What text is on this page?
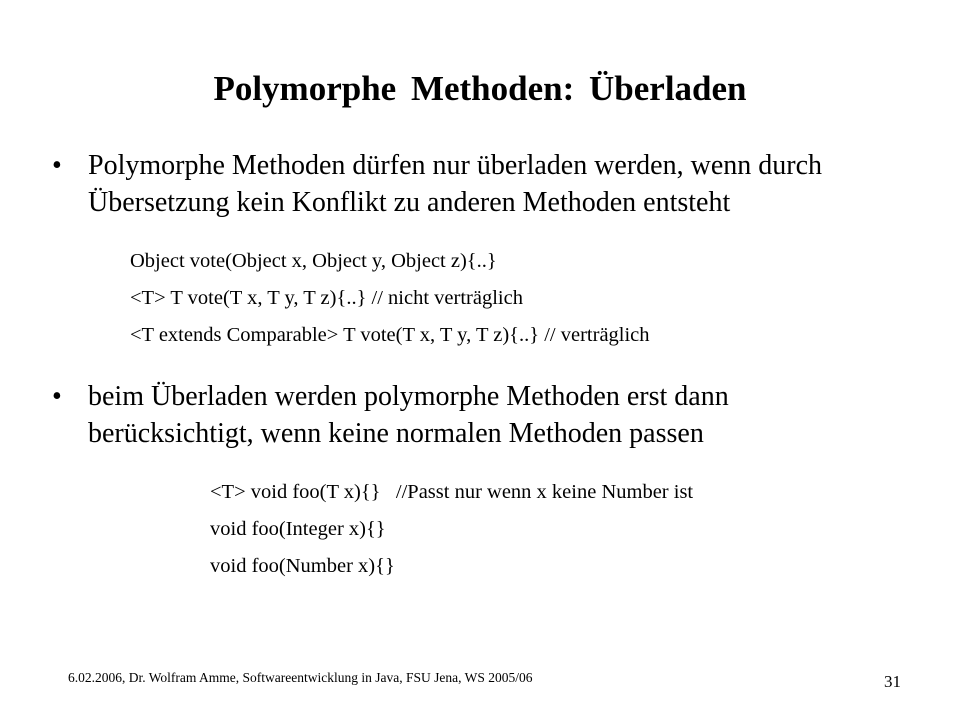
Polymorphe Methoden: Überladen
• Polymorphe Methoden dürfen nur überladen werden, wenn durch
Übersetzung kein Konflikt zu anderen Methoden entsteht
Object vote(Object x, Object y, Object z){..}
<T> T vote(T x, T y, T z){..} // nicht verträglich
<T extends Comparable> T vote(T x, T y, T z){..} // verträglich
• beim Überladen werden polymorphe Methoden erst dann
berücksichtigt, wenn keine normalen Methoden passen
<T> void foo(T x){}   //Passt nur wenn x keine Number ist
void foo(Integer x){}
void foo(Number x){}
6.02.2006, Dr. Wolfram Amme, Softwareentwicklung in Java, FSU Jena, WS 2005/06	31
